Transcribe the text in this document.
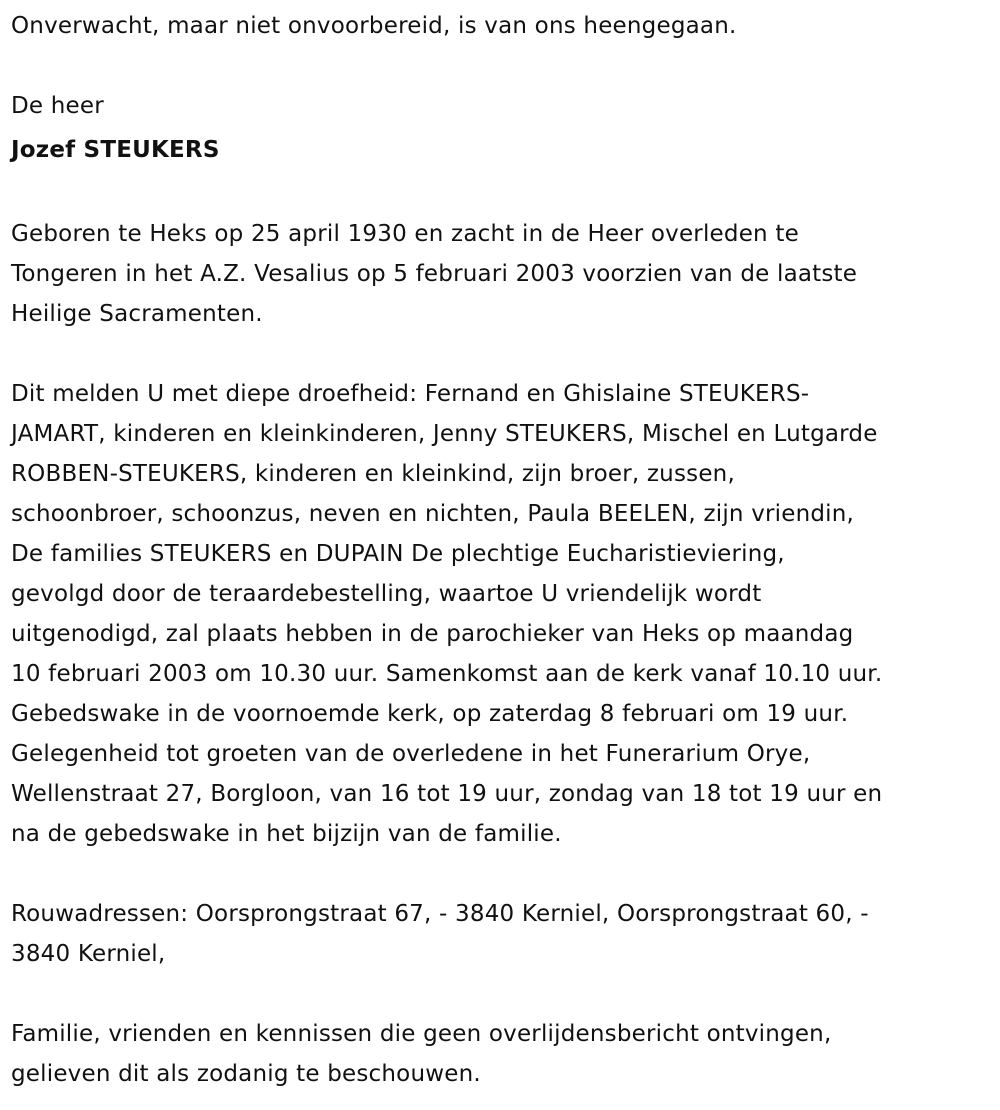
Onverwacht, maar niet onvoorbereid, is van ons heengegaan.
De heer
Jozef STEUKERS
Geboren te Heks op 25 april 1930 en zacht in de Heer overleden te
Tongeren in het A.Z. Vesalius op 5 februari 2003 voorzien van de laatste
Heilige Sacramenten.
Dit melden U met diepe droefheid: Fernand en Ghislaine STEUKERS-
JAMART, kinderen en kleinkinderen, Jenny STEUKERS, Mischel en Lutgarde
ROBBEN-STEUKERS, kinderen en kleinkind, zijn broer, zussen,
schoonbroer, schoonzus, neven en nichten, Paula BEELEN, zijn vriendin,
De families STEUKERS en DUPAIN De plechtige Eucharistieviering,
gevolgd door de teraardebestelling, waartoe U vriendelijk wordt
uitgenodigd, zal plaats hebben in de parochieker van Heks op maandag
10 februari 2003 om 10.30 uur. Samenkomst aan de kerk vanaf 10.10 uur.
Gebedswake in de voornoemde kerk, op zaterdag 8 februari om 19 uur.
Gelegenheid tot groeten van de overledene in het Funerarium Orye,
Wellenstraat 27, Borgloon, van 16 tot 19 uur, zondag van 18 tot 19 uur en
na de gebedswake in het bijzijn van de familie.
Rouwadressen: Oorsprongstraat 67, - 3840 Kerniel, Oorsprongstraat 60, -
3840 Kerniel,
Familie, vrienden en kennissen die geen overlijdensbericht ontvingen,
gelieven dit als zodanig te beschouwen.
